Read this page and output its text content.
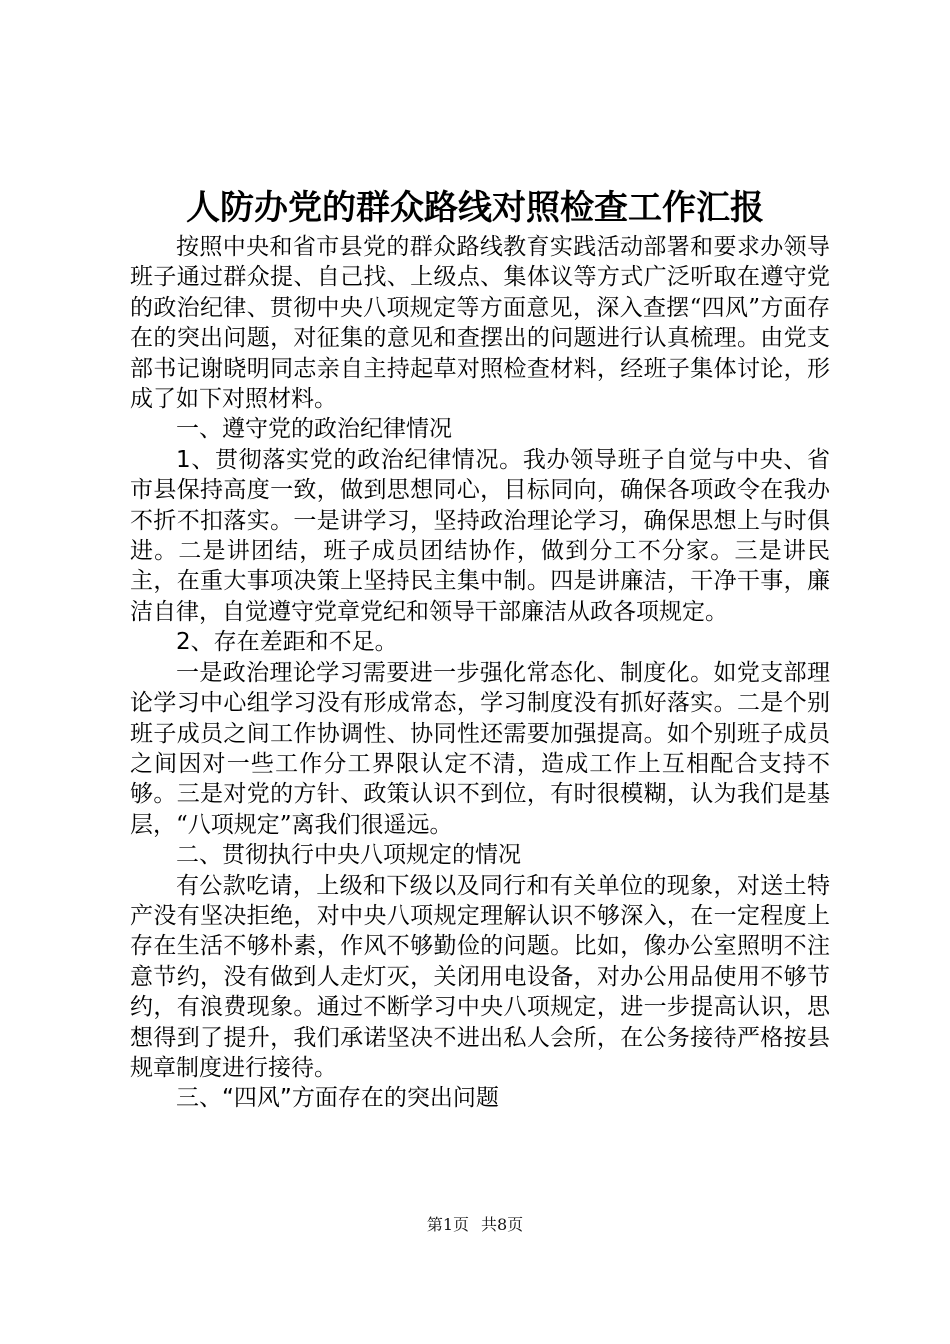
人防办党的群众路线对照检查工作汇报

按照中央和省市县党的群众路线教育实践活动部署和要求办领导班子通过群众提、自己找、上级点、集体议等方式广泛听取在遵守党的政治纪律、贯彻中央八项规定等方面意见，深入查摆“四风”方面存在的突出问题，对征集的意见和查摆出的问题进行认真梳理。由党支部书记谢晓明同志亲自主持起草对照检查材料，经班子集体讨论，形成了如下对照材料。

一、遵守党的政治纪律情况

1、贯彻落实党的政治纪律情况。我办领导班子自觉与中央、省市县保持高度一致，做到思想同心，目标同向，确保各项政令在我办不折不扣落实。一是讲学习，坚持政治理论学习，确保思想上与时俱进。二是讲团结，班子成员团结协作，做到分工不分家。三是讲民主，在重大事项决策上坚持民主集中制。四是讲廉洁，干净干事，廉洁自律，自觉遵守党章党纪和领导干部廉洁从政各项规定。

2、存在差距和不足。

一是政治理论学习需要进一步强化常态化、制度化。如党支部理论学习中心组学习没有形成常态，学习制度没有抓好落实。二是个别班子成员之间工作协调性、协同性还需要加强提高。如个别班子成员之间因对一些工作分工界限认定不清，造成工作上互相配合支持不够。三是对党的方针、政策认识不到位，有时很模糊，认为我们是基层，“八项规定”离我们很遥远。

二、贯彻执行中央八项规定的情况

有公款吃请，上级和下级以及同行和有关单位的现象，对送土特产没有坚决拒绝，对中央八项规定理解认识不够深入，在一定程度上存在生活不够朴素，作风不够勤俭的问题。比如，像办公室照明不注意节约，没有做到人走灯灭，关闭用电设备，对办公用品使用不够节约，有浪费现象。通过不断学习中央八项规定，进一步提高认识，思想得到了提升，我们承诺坚决不进出私人会所，在公务接待严格按县规章制度进行接待。

三、“四风”方面存在的突出问题

第1页 共8页
